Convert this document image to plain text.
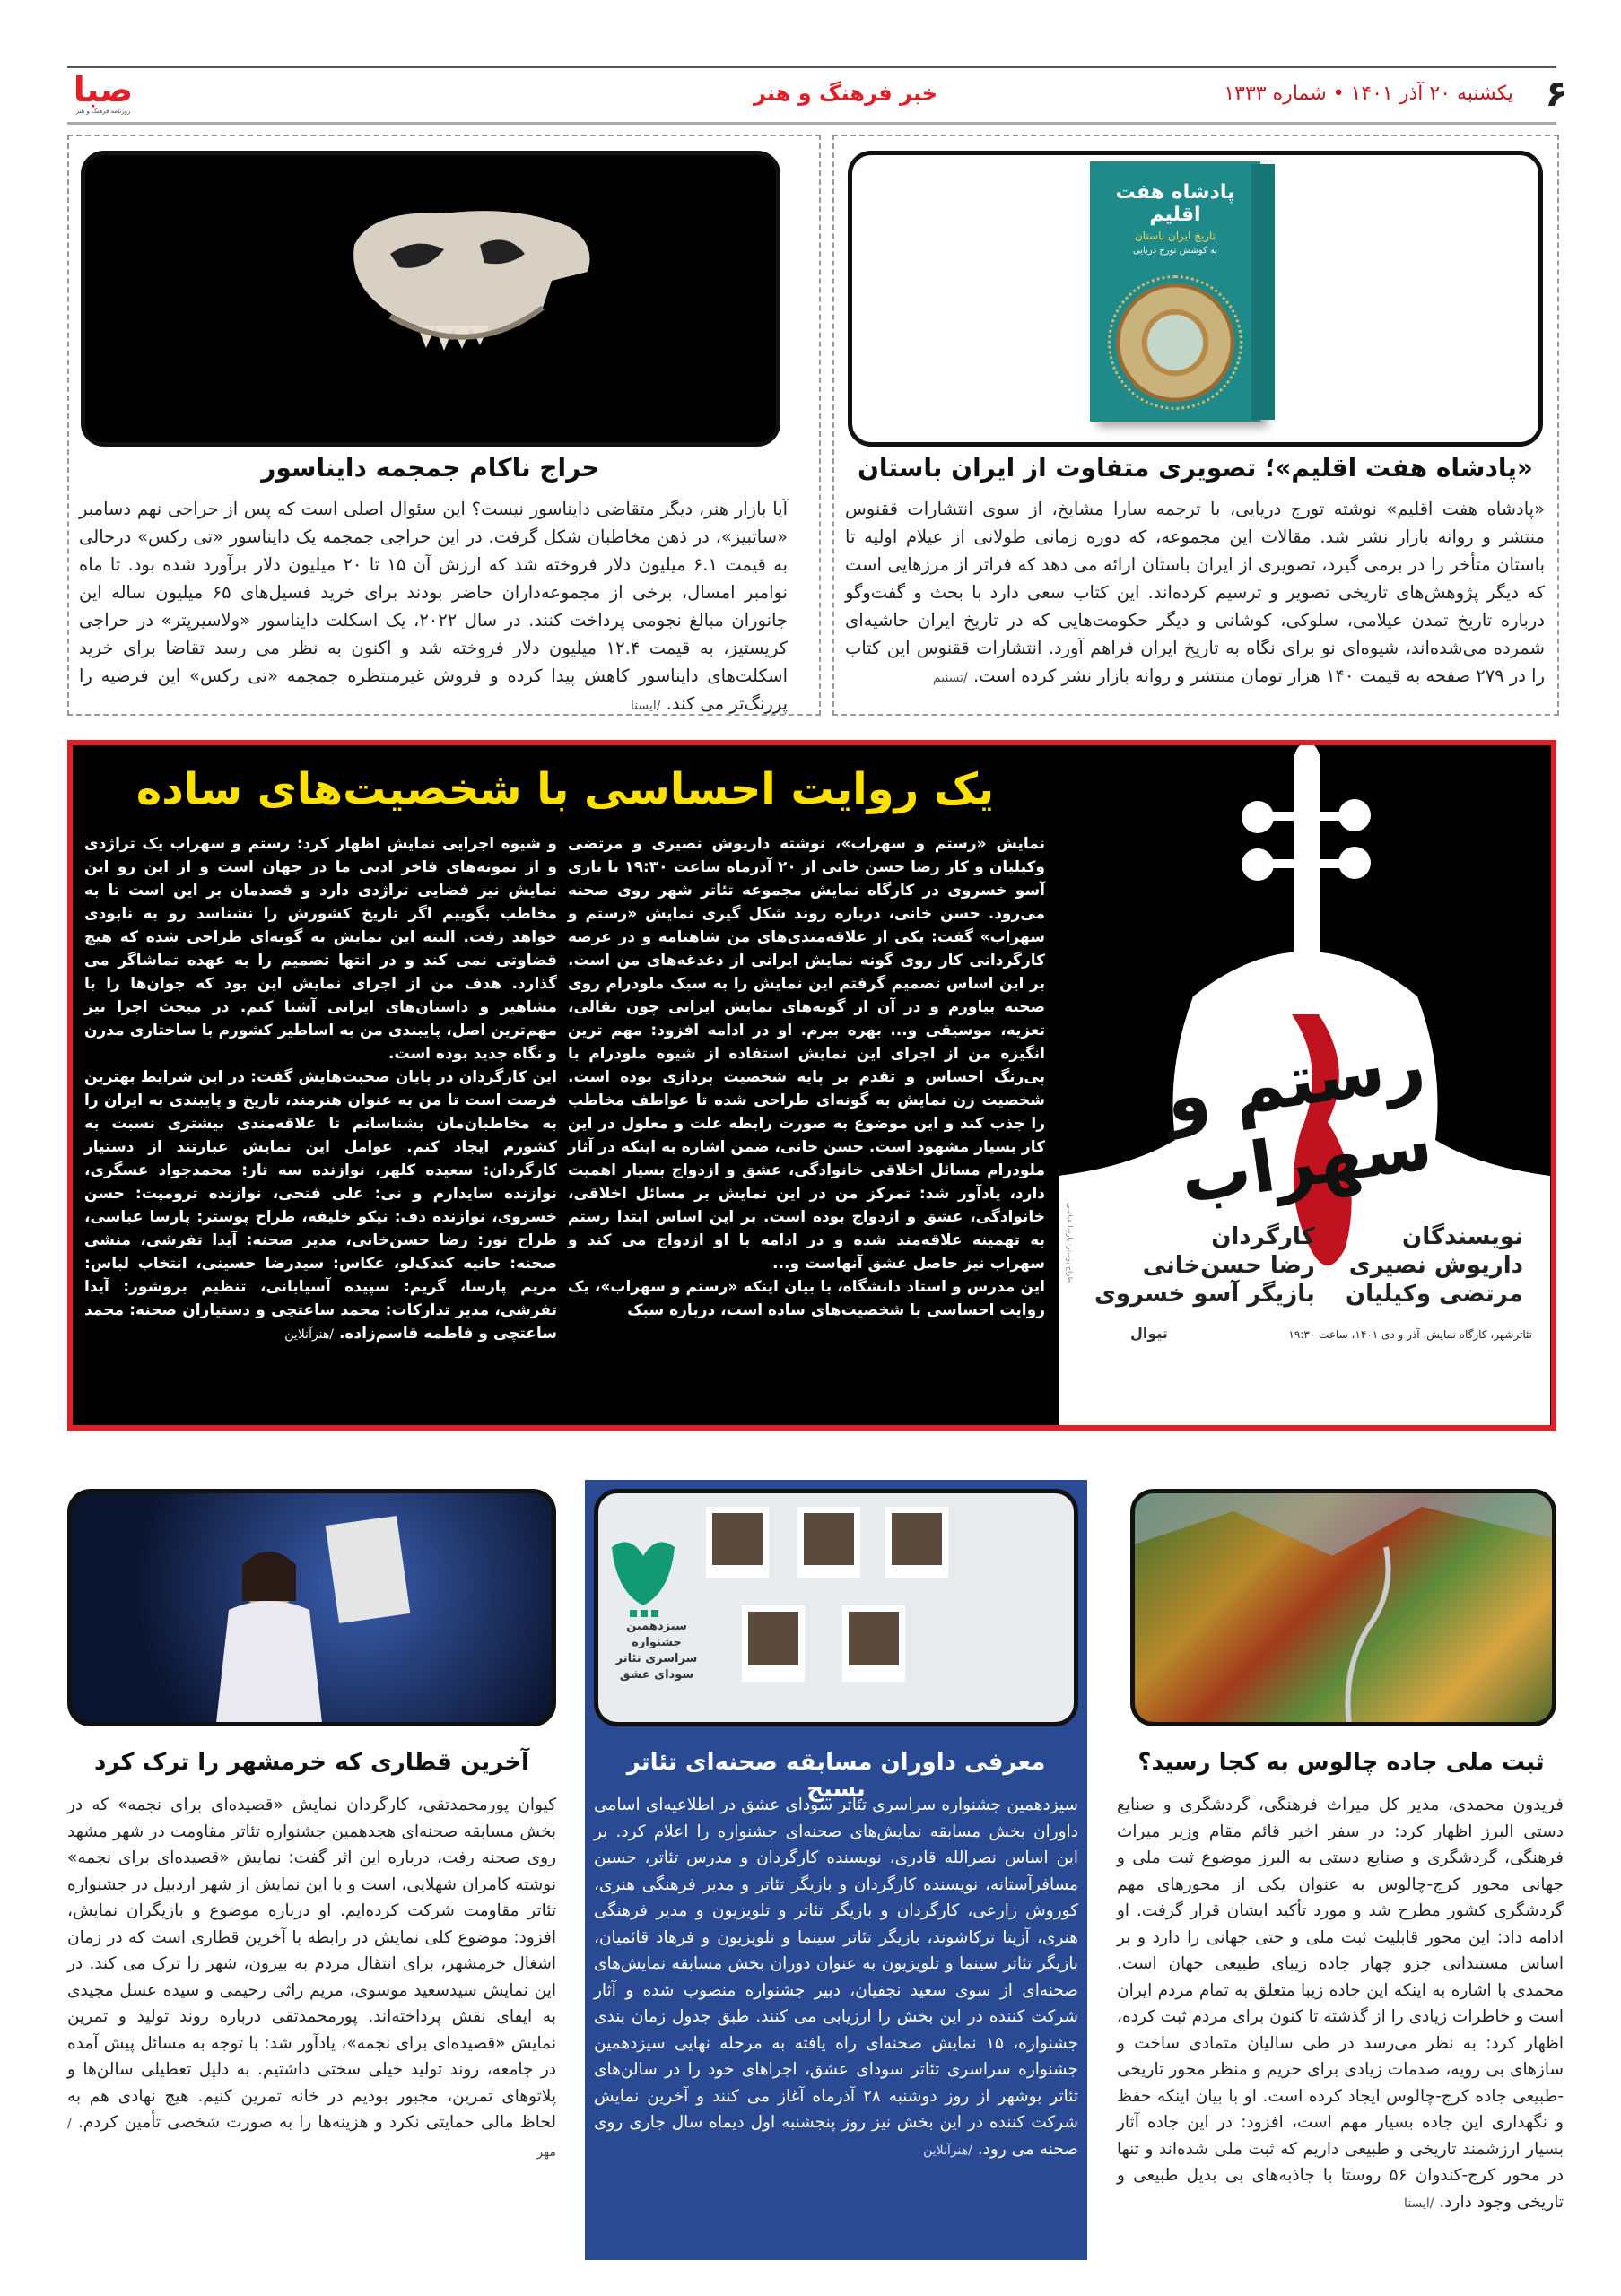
۶
یکشنبه ۲۰ آذر ۱۴۰۱ • شماره ۱۳۳۳
خبر فرهنگ و هنر
صبا
روزنامه فرهنگ و هنر
پادشاه هفت اقلیم
تاریخ ایران باستان
به کوشش تورج دریایی
«پادشاه هفت اقلیم»؛ تصویری متفاوت از ایران باستان
«پادشاه هفت اقلیم» نوشته تورج دریایی، با ترجمه سارا مشایخ، از سوی انتشارات ققنوس منتشر و روانه بازار نشر شد. مقالات این مجموعه، که دوره زمانی طولانی از عیلام اولیه تا باستان متأخر را در برمی گیرد، تصویری از ایران باستان ارائه می دهد که فراتر از مرزهایی است که دیگر پژوهش‌های تاریخی تصویر و ترسیم کرده‌اند. این کتاب سعی دارد با بحث و گفت‌وگو درباره تاریخ تمدن عیلامی، سلوکی، کوشانی و دیگر حکومت‌هایی که در تاریخ ایران حاشیه‌ای شمرده می‌شده‌اند، شیوه‌ای نو برای نگاه به تاریخ ایران فراهم آورد. انتشارات ققنوس این کتاب را در ۲۷۹ صفحه به قیمت ۱۴۰ هزار تومان منتشر و روانه بازار نشر کرده است. /تسنیم
حراج ناکام جمجمه دایناسور
آیا بازار هنر، دیگر متقاضی دایناسور نیست؟ این سئوال اصلی است که پس از حراجی نهم دسامبر «ساتبیز»، در ذهن مخاطبان شکل گرفت. در این حراجی جمجمه یک دایناسور «تی رکس» درحالی به قیمت ۶.۱ میلیون دلار فروخته شد که ارزش آن ۱۵ تا ۲۰ میلیون دلار برآورد شده بود. تا ماه نوامبر امسال، برخی از مجموعه‌داران حاضر بودند برای خرید فسیل‌های ۶۵ میلیون ساله این جانوران مبالغ نجومی پرداخت کنند. در سال ۲۰۲۲، یک اسکلت دایناسور «ولاسیرپتر» در حراجی کریستیز، به قیمت ۱۲.۴ میلیون دلار فروخته شد و اکنون به نظر می رسد تقاضا برای خرید اسکلت‌های دایناسور کاهش پیدا کرده و فروش غیرمنتظره جمجمه «تی رکس» این فرضیه را پررنگ‌تر می کند. /ایسنا
یک روایت احساسی با شخصیت‌های ساده
نمایش «رستم و سهراب»، نوشته داریوش نصیری و مرتضی وکیلیان و کار رضا حسن خانی از ۲۰ آذرماه ساعت ۱۹:۳۰ با بازی آسو خسروی در کارگاه نمایش مجموعه تئاتر شهر روی صحنه می‌رود. حسن خانی، درباره روند شکل گیری نمایش «رستم و سهراب» گفت: یکی از علاقه‌مندی‌های من شاهنامه و در عرصه کارگردانی کار روی گونه نمایش ایرانی از دغدغه‌های من است. بر این اساس تصمیم گرفتم این نمایش را به سبک ملودرام روی صحنه بیاورم و در آن از گونه‌های نمایش ایرانی چون نقالی، تعزیه، موسیقی و... بهره ببرم. او در ادامه افزود: مهم ترین انگیزه من از اجرای این نمایش استفاده از شیوه ملودرام با پی‌رنگ احساس و تقدم بر پایه شخصیت پردازی بوده است. شخصیت زن نمایش به گونه‌ای طراحی شده تا عواطف مخاطب را جذب کند و این موضوع به صورت رابطه علت و معلول در این کار بسیار مشهود است. حسن خانی، ضمن اشاره به اینکه در آثار ملودرام مسائل اخلاقی خانوادگی، عشق و ازدواج بسیار اهمیت دارد، یادآور شد: تمرکز من در این نمایش بر مسائل اخلاقی، خانوادگی، عشق و ازدواج بوده است. بر این اساس ابتدا رستم به تهمینه علاقه‌مند شده و در ادامه با او ازدواج می کند و سهراب نیز حاصل عشق آنهاست و...
این مدرس و استاد دانشگاه، با بیان اینکه «رستم و سهراب»، یک روایت احساسی با شخصیت‌های ساده است، درباره سبک
و شیوه اجرایی نمایش اظهار کرد: رستم و سهراب یک تراژدی و از نمونه‌های فاخر ادبی ما در جهان است و از این رو این نمایش نیز فضایی تراژدی دارد و قصدمان بر این است تا به مخاطب بگوییم اگر تاریخ کشورش را نشناسد رو به نابودی خواهد رفت. البته این نمایش به گونه‌ای طراحی شده که هیچ قضاوتی نمی کند و در انتها تصمیم را به عهده تماشاگر می گذارد. هدف من از اجرای نمایش این بود که جوان‌ها را با مشاهیر و داستان‌های ایرانی آشنا کنم. در مبحث اجرا نیز مهم‌ترین اصل، پایبندی من به اساطیر کشورم با ساختاری مدرن و نگاه جدید بوده است.
این کارگردان در پایان صحبت‌هایش گفت: در این شرایط بهترین فرصت است تا من به عنوان هنرمند، تاریخ و پایبندی به ایران را به مخاطبان‌مان بشناسانم تا علاقه‌مندی بیشتری نسبت به کشورم ایجاد کنم. عوامل این نمایش عبارتند از دستیار کارگردان: سعیده کلهر، نوازنده سه تار: محمدجواد عسگری، نوازنده سایدارم و نی: علی فتحی، نوازنده ترومپت: حسن خسروی، نوازنده دف: نیکو خلیفه، طراح پوستر: پارسا عباسی، طراح نور: رضا حسن‌خانی، مدیر صحنه: آیدا تفرشی، منشی صحنه: حانیه کندک‌لو، عکاس: سیدرضا حسینی، انتخاب لباس: مریم پارسا، گریم: سپیده آسیابانی، تنظیم بروشور: آیدا تفرشی، مدیر تدارکات: محمد ساعتچی و دستیاران صحنه: محمد ساعتچی و فاطمه قاسم‌زاده. /هنرآنلاین
رستم و سهراب
نویسندگان
داریوش نصیری
مرتضی وکیلیان
کارگردان
رضا حسن‌خانی
بازیگر آسو خسروی
تئاترشهر، کارگاه نمایش، آذر و دی ۱۴۰۱، ساعت ۱۹:۳۰
تیوال
طراح پوستر: پارسا عباسی
ثبت ملی جاده چالوس به کجا رسید؟
فریدون محمدی، مدیر کل میراث فرهنگی، گردشگری و صنایع دستی البرز اظهار کرد: در سفر اخیر قائم مقام وزیر میراث فرهنگی، گردشگری و صنایع دستی به البرز موضوع ثبت ملی و جهانی محور کرج-چالوس به عنوان یکی از محورهای مهم گردشگری کشور مطرح شد و مورد تأکید ایشان قرار گرفت. او ادامه داد: این محور قابلیت ثبت ملی و حتی جهانی را دارد و بر اساس مستنداتی جزو چهار جاده زیبای طبیعی جهان است. محمدی با اشاره به اینکه این جاده زیبا متعلق به تمام مردم ایران است و خاطرات زیادی را از گذشته تا کنون برای مردم ثبت کرده، اظهار کرد: به نظر می‌رسد در طی سالیان متمادی ساخت و سازهای بی رویه، صدمات زیادی برای حریم و منظر محور تاریخی -طبیعی جاده کرج-چالوس ایجاد کرده است. او با بیان اینکه حفظ و نگهداری این جاده بسیار مهم است، افزود: در این جاده آثار بسیار ارزشمند تاریخی و طبیعی داریم که ثبت ملی شده‌اند و تنها در محور کرج-کندوان ۵۶ روستا با جاذبه‌های بی بدیل طبیعی و تاریخی وجود دارد. /ایسنا
سیزدهمین جشنواره سراسری تئاتر سودای عشق
معرفی داوران مسابقه صحنه‌ای تئاتر بسیج
سیزدهمین جشنواره سراسری تئاتر سودای عشق در اطلاعیه‌ای اسامی داوران بخش مسابقه نمایش‌های صحنه‌ای جشنواره را اعلام کرد. بر این اساس نصرالله قادری، نویسنده کارگردان و مدرس تئاتر، حسین مسافرآستانه، نویسنده کارگردان و بازیگر تئاتر و مدیر فرهنگی هنری، کوروش زارعی، کارگردان و بازیگر تئاتر و تلویزیون و مدیر فرهنگی هنری، آزیتا ترکاشوند، بازیگر تئاتر سینما و تلویزیون و فرهاد قائمیان، بازیگر تئاتر سینما و تلویزیون به عنوان دوران بخش مسابقه نمایش‌های صحنه‌ای از سوی سعید نجفیان، دبیر جشنواره منصوب شده و آثار شرکت کننده در این بخش را ارزیابی می کنند. طبق جدول زمان بندی جشنواره، ۱۵ نمایش صحنه‌ای راه یافته به مرحله نهایی سیزدهمین جشنواره سراسری تئاتر سودای عشق، اجراهای خود را در سالن‌های تئاتر بوشهر از روز دوشنبه ۲۸ آذرماه آغاز می کنند و آخرین نمایش شرکت کننده در این بخش نیز روز پنجشنبه اول دیماه سال جاری روی صحنه می رود. /هنرآنلاین
آخرین قطاری که خرمشهر را ترک کرد
کیوان پورمحمدتقی، کارگردان نمایش «قصیده‌ای برای نجمه» که در بخش مسابقه صحنه‌ای هجدهمین جشنواره تئاتر مقاومت در شهر مشهد روی صحنه رفت، درباره این اثر گفت: نمایش «قصیده‌ای برای نجمه» نوشته کامران شهلایی، است و با این نمایش از شهر اردبیل در جشنواره تئاتر مقاومت شرکت کرده‌ایم. او درباره موضوع و بازیگران نمایش، افزود: موضوع کلی نمایش در رابطه با آخرین قطاری است که در زمان اشغال خرمشهر، برای انتقال مردم به بیرون، شهر را ترک می کند. در این نمایش سیدسعید موسوی، مریم راثی رحیمی و سیده عسل مجیدی به ایفای نقش پرداخته‌اند. پورمحمدتقی درباره روند تولید و تمرین نمایش «قصیده‌ای برای نجمه»، یادآور شد: با توجه به مسائل پیش آمده در جامعه، روند تولید خیلی سختی داشتیم. به دلیل تعطیلی سالن‌ها و پلاتوهای تمرین، مجبور بودیم در خانه تمرین کنیم. هیچ نهادی هم به لحاظ مالی حمایتی نکرد و هزینه‌ها را به صورت شخصی تأمین کردم. /مهر
